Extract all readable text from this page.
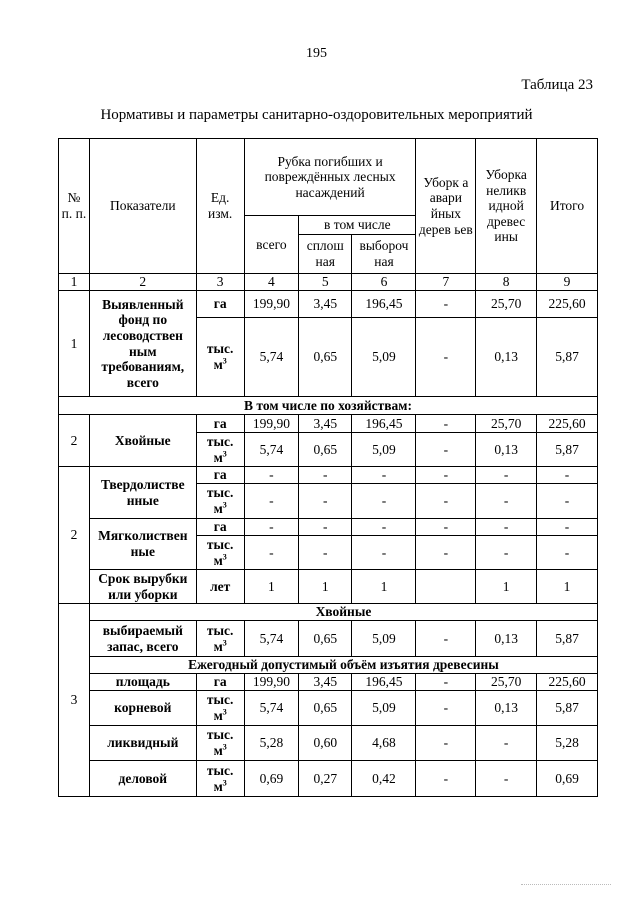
195
Таблица 23
Нормативы и параметры санитарно-оздоровительных мероприятий
№ п. п.	Показатели	Ед. изм.	Рубка погибших и повреждённых лесных насаждений			Уборк а авари йных дерев ьев	Уборка неликв идной древес ины	Итого
			всего	в том числе				
				сплош ная	выбороч ная			
1	2	3	4	5	6	7	8	9
1	Выявленный фонд по лесоводствен ным требованиям, всего	га	199,90	3,45	196,45	-	25,70	225,60
		тыс. $м^3$	5,74	0,65	5,09	-	0,13	5,87
В том числе по хозяйствам:								
2	Хвойные	га	199,90	3,45	196,45	-	25,70	225,60
		тыс. $м^3$	5,74	0,65	5,09	-	0,13	5,87
2	Твердолистве нные	га	-	-	-	-	-	-
		тыс. $м^3$	-	-	-	-	-	-
	Мягколиствен ные	га	-	-	-	-	-	-
		тыс. $м^3$	-	-	-	-	-	-
	Срок вырубки или уборки	лет	1	1	1		1	1
3	Хвойные							
	выбираемый запас, всего	тыс. $м^3$	5,74	0,65	5,09	-	0,13	5,87
	Ежегодный допустимый объём изъятия древесины							
	площадь	га	199,90	3,45	196,45	-	25,70	225,60
	корневой	тыс. $м^3$	5,74	0,65	5,09	-	0,13	5,87
	ликвидный	тыс. $м^3$	5,28	0,60	4,68	-	-	5,28
	деловой	тыс. $м^3$	0,69	0,27	0,42	-	-	0,69
